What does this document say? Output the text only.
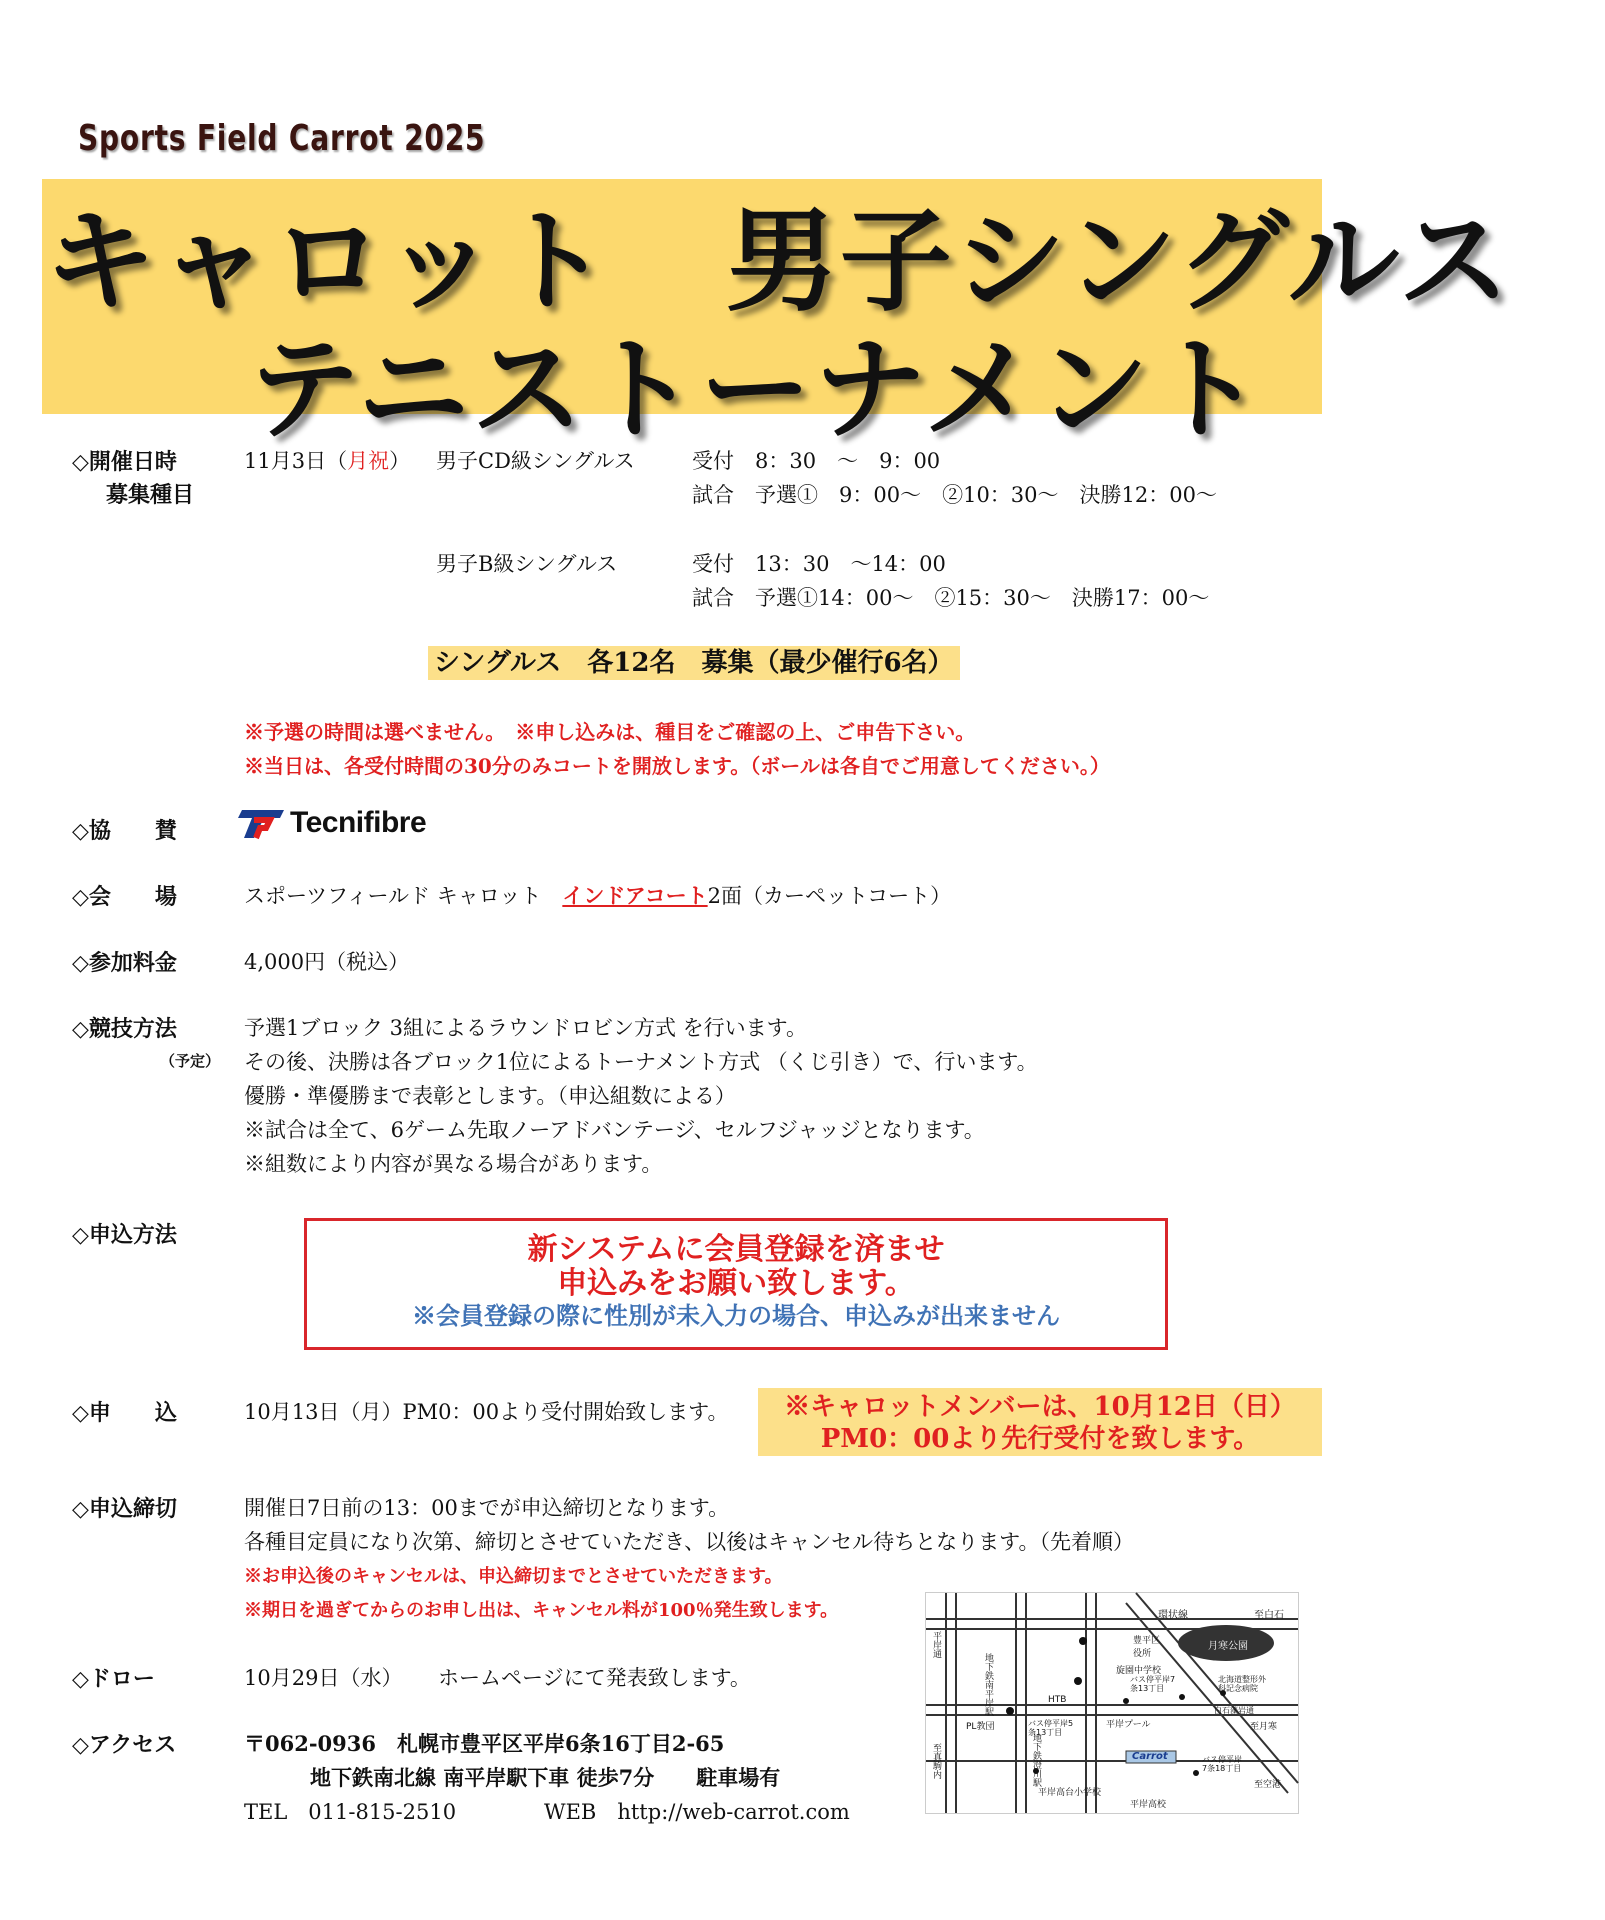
Sports Field Carrot 2025
キャロット　男子シングルス
テニストーナメント
◇開催日時
募集種目
11月3日（月祝） 男子CD級シングルス	受付　8：30　～　9：00
試合　予選①　9：00～　②10：30～　決勝12：00～
男子B級シングルス	受付　13：30　～14：00
試合　予選①14：00～　②15：30～　決勝17：00～
シングルス　各12名　募集（最少催行6名）
※予選の時間は選べません。　※申し込みは、種目をご確認の上、ご申告下さい。
※当日は、各受付時間の30分のみコートを開放します。（ボールは各自でご用意してください。）
◇協　　賛	Tecnifibre
◇会　　場	スポーツフィールド キャロット　インドアコート2面（カーペットコート）
◇参加料金	4,000円（税込）
◇競技方法
（予定）
予選1ブロック 3組によるラウンドロビン方式 を行います。
その後、決勝は各ブロック1位によるトーナメント方式 （くじ引き）で、行います。
優勝・準優勝まで表彰とします。（申込組数による）
※試合は全て、6ゲーム先取ノーアドバンテージ、セルフジャッジとなります。
※組数により内容が異なる場合があります。
◇申込方法	新システムに会員登録を済ませ
申込みをお願い致します。
※会員登録の際に性別が未入力の場合、申込みが出来ません
◇申　　込	10月13日（月）PM0：00より受付開始致します。	※キャロットメンバーは、10月12日（日）
PM0：00より先行受付を致します。
◇申込締切	開催日7日前の13：00までが申込締切となります。
各種目定員になり次第、締切とさせていただき、以後はキャンセル待ちとなります。（先着順）
※お申込後のキャンセルは、申込締切までとさせていただきます。
※期日を過ぎてからのお申し出は、キャンセル料が100％発生致します。
◇ドロー	10月29日（水） ホームページにて発表致します。
◇アクセス	〒062-0936　札幌市豊平区平岸6条16丁目2-65
地下鉄南北線 南平岸駅下車 徒歩7分　　駐車場有
TEL　011-815-2510	WEB　http://web-carrot.com
環状線	至白石
豊平区役所
月寒公園
旋園中学校
バス停平岸7条13丁目
北海道整形外科記念病院
HTB
平岸通
地下鉄南平岸駅	白石藻岩通
PL教団	バス停平岸5条13丁目
平岸プール	至月寒
Carrot	バス停平岸7条18丁目
地下鉄澄川駅
至真駒内
平岸高台小学校
至空港
平岸高校
